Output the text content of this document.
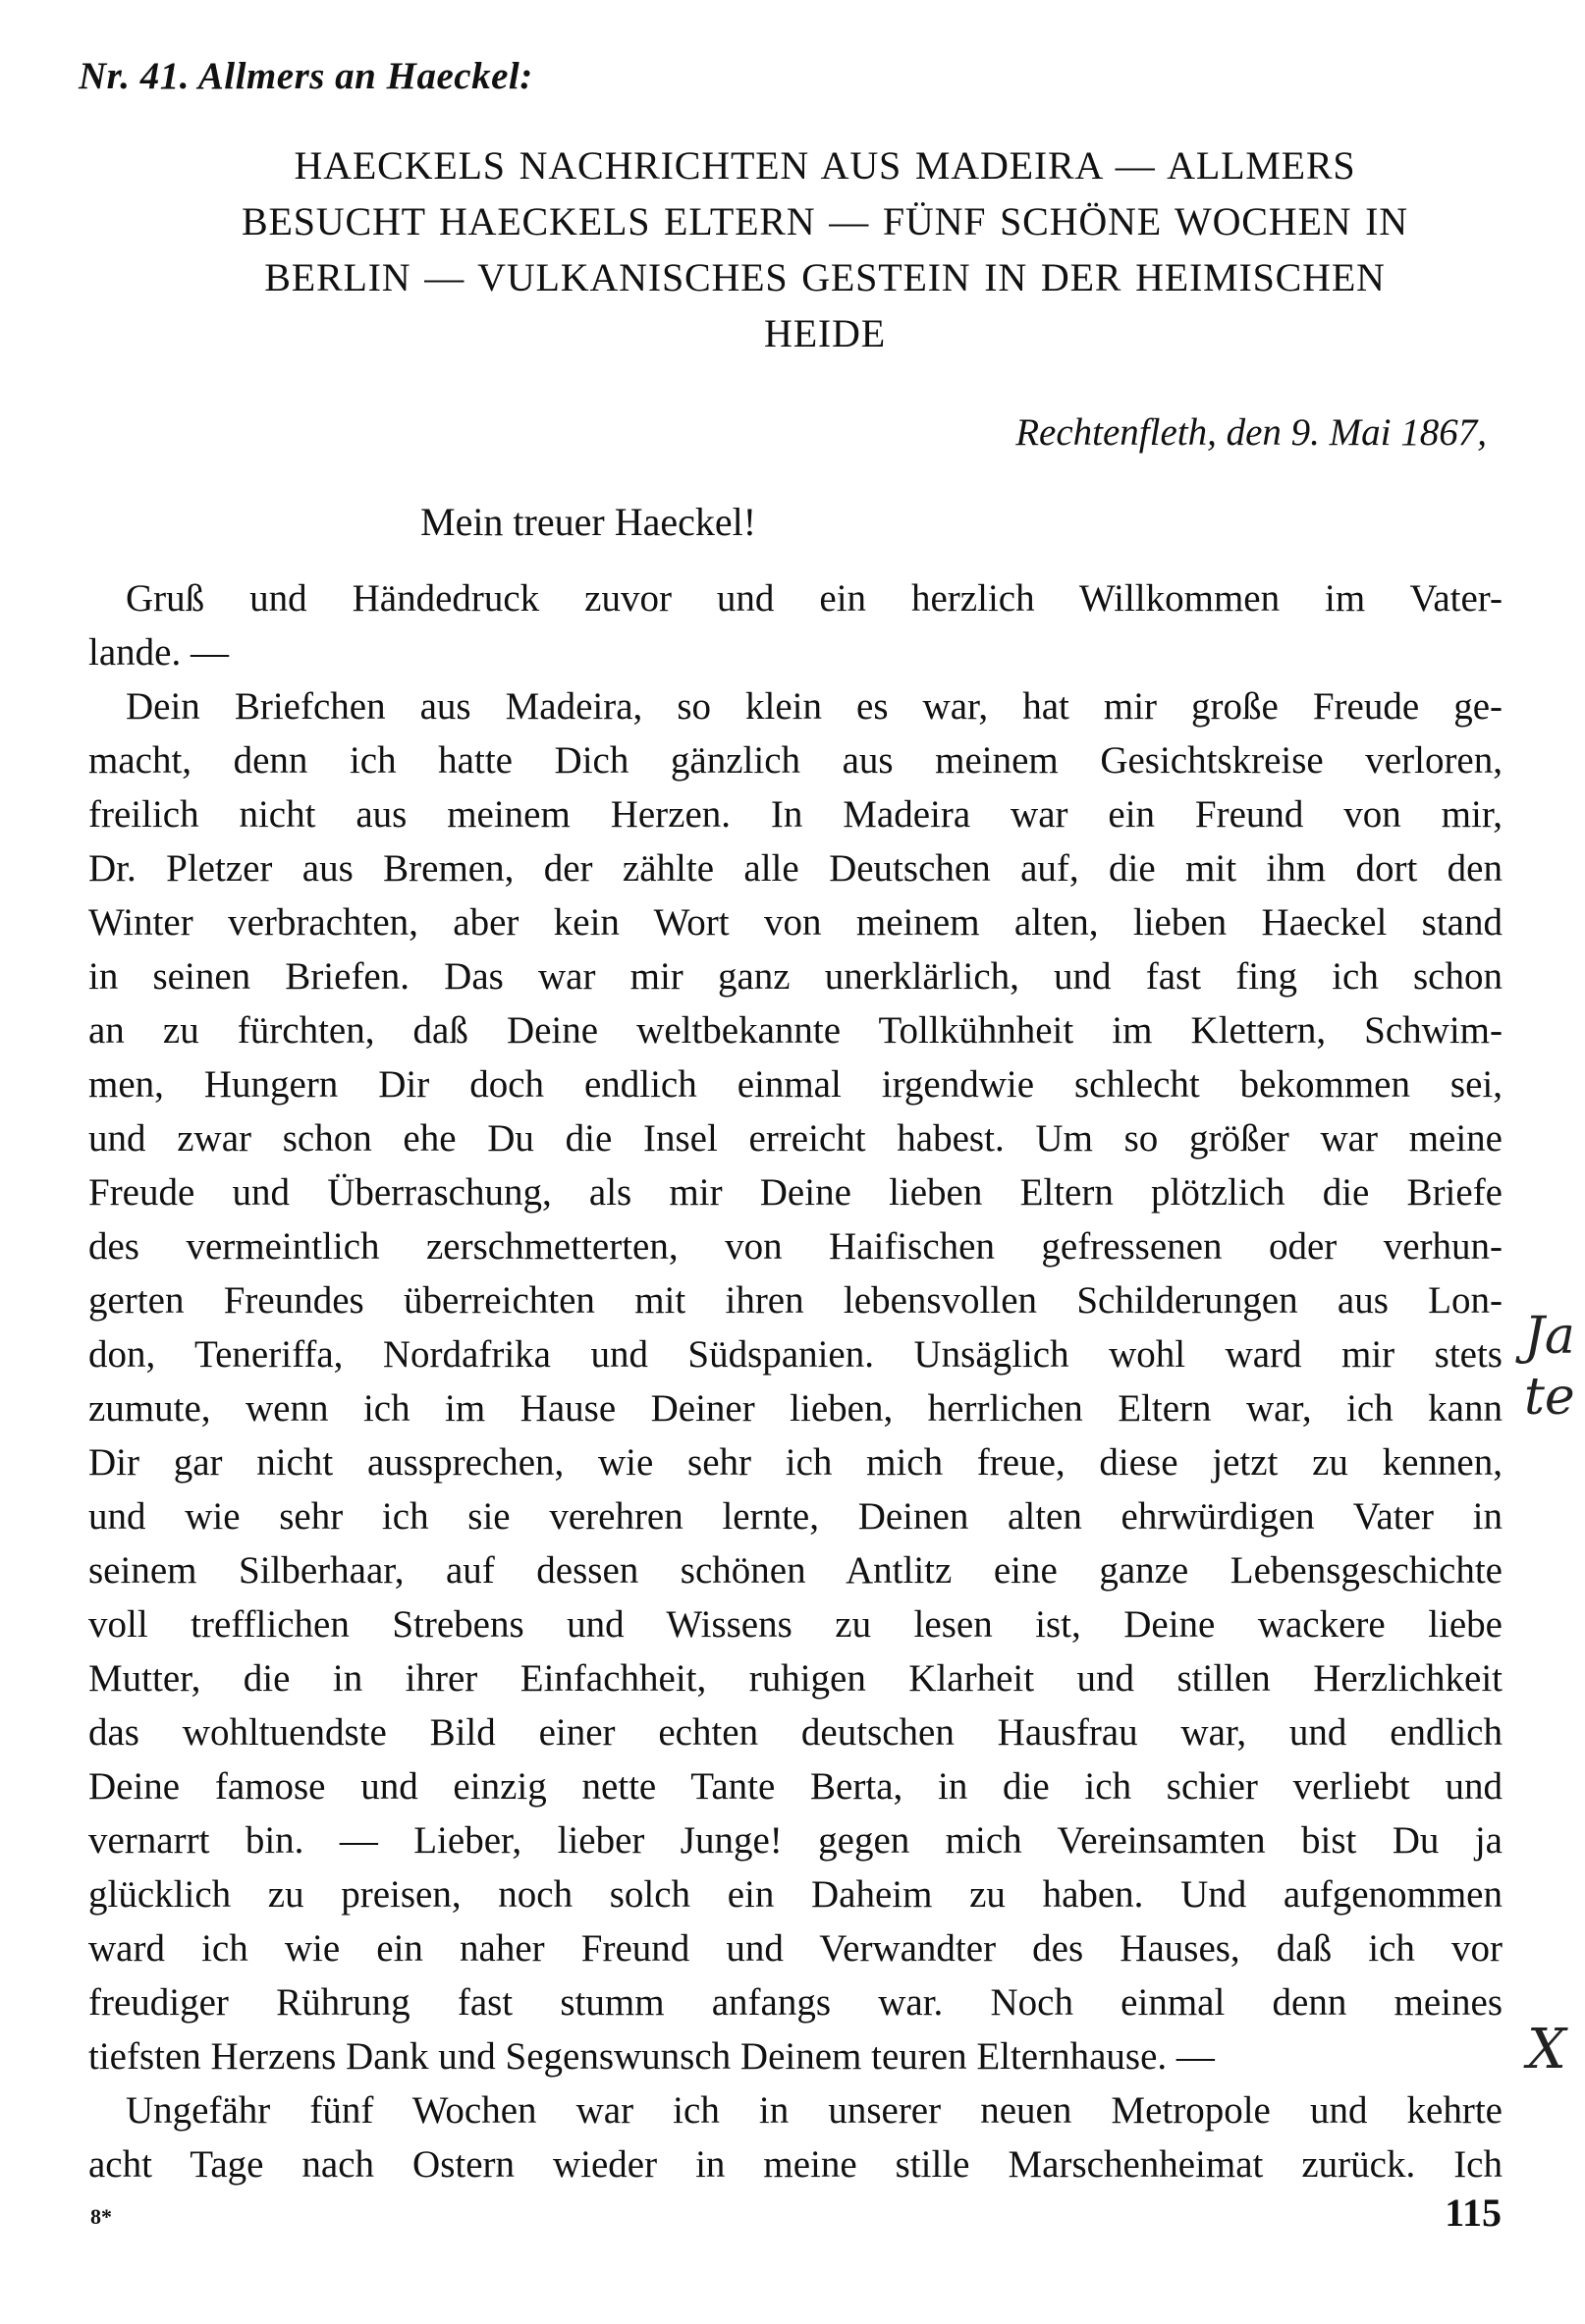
Nr. 41. Allmers an Haeckel:
HAECKELS NACHRICHTEN AUS MADEIRA — ALLMERS
BESUCHT HAECKELS ELTERN — FÜNF SCHÖNE WOCHEN IN
BERLIN — VULKANISCHES GESTEIN IN DER HEIMISCHEN
HEIDE
Rechtenfleth, den 9. Mai 1867,
Mein treuer Haeckel!
Gruß und Händedruck zuvor und ein herzlich Willkommen im Vater-
lande. —
Dein Briefchen aus Madeira, so klein es war, hat mir große Freude ge-
macht, denn ich hatte Dich gänzlich aus meinem Gesichtskreise verloren,
freilich nicht aus meinem Herzen. In Madeira war ein Freund von mir,
Dr. Pletzer aus Bremen, der zählte alle Deutschen auf, die mit ihm dort den
Winter verbrachten, aber kein Wort von meinem alten, lieben Haeckel stand
in seinen Briefen. Das war mir ganz unerklärlich, und fast fing ich schon
an zu fürchten, daß Deine weltbekannte Tollkühnheit im Klettern, Schwim-
men, Hungern Dir doch endlich einmal irgendwie schlecht bekommen sei,
und zwar schon ehe Du die Insel erreicht habest. Um so größer war meine
Freude und Überraschung, als mir Deine lieben Eltern plötzlich die Briefe
des vermeintlich zerschmetterten, von Haifischen gefressenen oder verhun-
gerten Freundes überreichten mit ihren lebensvollen Schilderungen aus Lon-
don, Teneriffa, Nordafrika und Südspanien. Unsäglich wohl ward mir stets
zumute, wenn ich im Hause Deiner lieben, herrlichen Eltern war, ich kann
Dir gar nicht aussprechen, wie sehr ich mich freue, diese jetzt zu kennen,
und wie sehr ich sie verehren lernte, Deinen alten ehrwürdigen Vater in
seinem Silberhaar, auf dessen schönen Antlitz eine ganze Lebensgeschichte
voll trefflichen Strebens und Wissens zu lesen ist, Deine wackere liebe
Mutter, die in ihrer Einfachheit, ruhigen Klarheit und stillen Herzlichkeit
das wohltuendste Bild einer echten deutschen Hausfrau war, und endlich
Deine famose und einzig nette Tante Berta, in die ich schier verliebt und
vernarrt bin. — Lieber, lieber Junge! gegen mich Vereinsamten bist Du ja
glücklich zu preisen, noch solch ein Daheim zu haben. Und aufgenommen
ward ich wie ein naher Freund und Verwandter des Hauses, daß ich vor
freudiger Rührung fast stumm anfangs war. Noch einmal denn meines
tiefsten Herzens Dank und Segenswunsch Deinem teuren Elternhause. —
Ungefähr fünf Wochen war ich in unserer neuen Metropole und kehrte
acht Tage nach Ostern wieder in meine stille Marschenheimat zurück. Ich
Ja te
X
8*	115
